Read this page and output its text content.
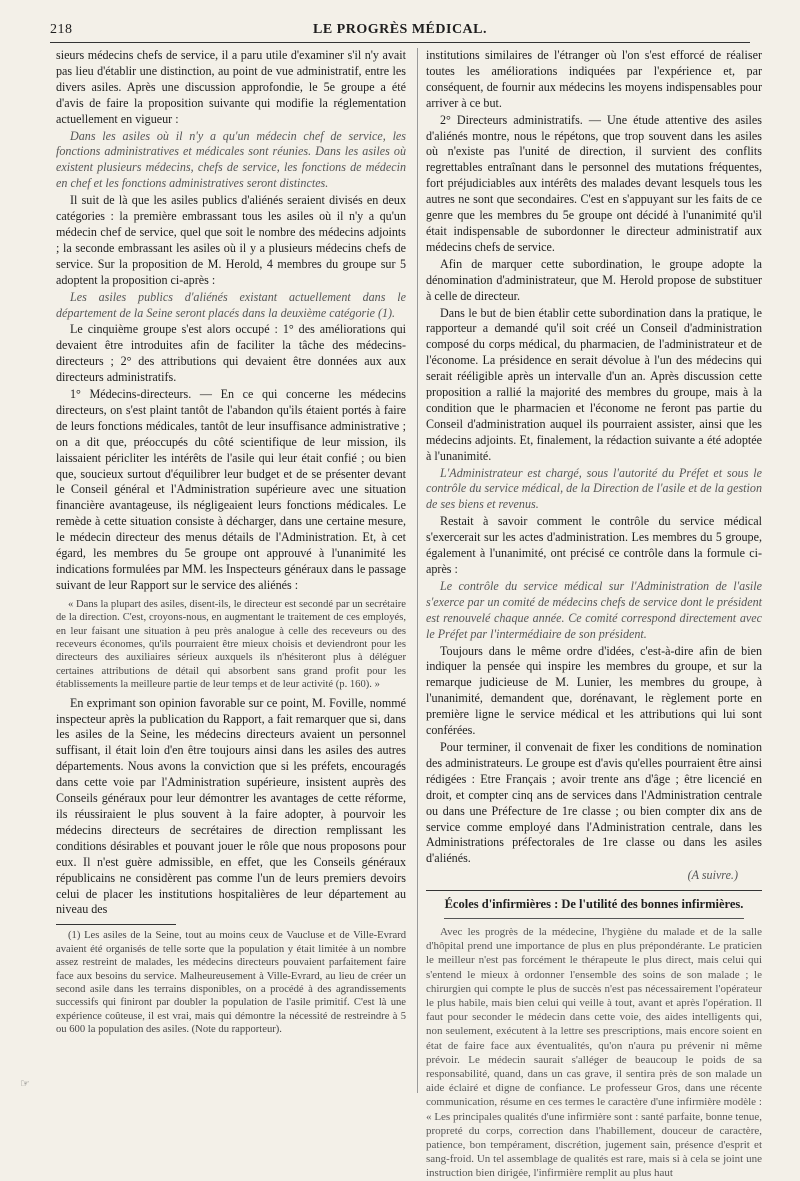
218	LE PROGRÈS MÉDICAL.

sieurs médecins chefs de service, il a paru utile d'examiner s'il n'y avait pas lieu d'établir une distinction, au point de vue administratif, entre les divers asiles. Après une discussion approfondie, le 5e groupe a été d'avis de faire la proposition suivante qui modifie la réglementation actuellement en vigueur :

Dans les asiles où il n'y a qu'un médecin chef de service, les fonctions administratives et médicales sont réunies. Dans les asiles où existent plusieurs médecins, chefs de service, les fonctions de médecin en chef et les fonctions administratives seront distinctes.

Il suit de là que les asiles publics d'aliénés seraient divisés en deux catégories : la première embrassant tous les asiles où il n'y a qu'un médecin chef de service, quel que soit le nombre des médecins adjoints ; la seconde embrassant les asiles où il y a plusieurs médecins chefs de service. Sur la proposition de M. Herold, 4 membres du groupe sur 5 adoptent la proposition ci-après :

Les asiles publics d'aliénés existant actuellement dans le département de la Seine seront placés dans la deuxième catégorie (1).

Le cinquième groupe s'est alors occupé : 1° des améliorations qui devaient être introduites afin de faciliter la tâche des médecins-directeurs ; 2° des attributions qui devaient être données aux aux directeurs administratifs.

1° Médecins-directeurs. — En ce qui concerne les médecins directeurs, on s'est plaint tantôt de l'abandon qu'ils étaient portés à faire de leurs fonctions médicales, tantôt de leur insuffisance administrative ; on a dit que, préoccupés du côté scientifique de leur mission, ils laissaient péricliter les intérêts de l'asile qui leur était confié ; ou bien que, soucieux surtout d'équilibrer leur budget et de se présenter devant le Conseil général et l'Administration supérieure avec une situation financière avantageuse, ils négligeaient leurs fonctions médicales. Le remède à cette situation consiste à décharger, dans une certaine mesure, le médecin directeur des menus détails de l'Administration. Et, à cet égard, les membres du 5e groupe ont approuvé à l'unanimité les indications formulées par MM. les Inspecteurs généraux dans le passage suivant de leur Rapport sur le service des aliénés :

« Dans la plupart des asiles, disent-ils, le directeur est secondé par un secrétaire de la direction. C'est, croyons-nous, en augmentant le traitement de ces employés, en leur faisant une situation à peu près analogue à celle des receveurs ou des receveurs économes, qu'ils pourraient être mieux choisis et deviendront pour les directeurs des auxiliaires sérieux auxquels ils n'hésiteront plus à déléguer certaines attributions de détail qui absorbent sans grand profit pour les établissements la meilleure partie de leur temps et de leur activité (p. 160). »

En exprimant son opinion favorable sur ce point, M. Foville, nommé inspecteur après la publication du Rapport, a fait remarquer que si, dans les asiles de la Seine, les médecins directeurs avaient un personnel suffisant, il était loin d'en être toujours ainsi dans les asiles des autres départements. Nous avons la conviction que si les préfets, encouragés dans cette voie par l'Administration supérieure, insistent auprès des Conseils généraux pour leur démontrer les avantages de cette réforme, ils réussiraient le plus souvent à la faire adopter, à pourvoir les médecins directeurs de secrétaires de direction remplissant les conditions désirables et pouvant jouer le rôle que nous proposons pour eux. Il n'est guère admissible, en effet, que les Conseils généraux républicains ne considèrent pas comme l'un de leurs premiers devoirs celui de placer les institutions hospitalières de leur département au niveau des

(1) Les asiles de la Seine, tout au moins ceux de Vaucluse et de Ville-Evrard avaient été organisés de telle sorte que la population y était limitée à un nombre assez restreint de malades, les médecins directeurs pouvaient parfaitement faire face aux besoins du service. Malheureusement à Ville-Evrard, au lieu de créer un second asile dans les terrains disponibles, on a procédé à des agrandissements successifs qui finiront par doubler la population de l'asile primitif. C'est là une expérience coûteuse, il est vrai, mais qui démontre la nécessité de restreindre à 5 ou 600 la population des asiles. (Note du rapporteur).

institutions similaires de l'étranger où l'on s'est efforcé de réaliser toutes les améliorations indiquées par l'expérience et, par conséquent, de fournir aux médecins les moyens indispensables pour arriver à ce but.

2° Directeurs administratifs. — Une étude attentive des asiles d'aliénés montre, nous le répétons, que trop souvent dans les asiles où n'existe pas l'unité de direction, il survient des conflits regrettables entraînant dans le personnel des mutations fréquentes, fort préjudiciables aux intérêts des malades devant lesquels tous les autres ne sont que secondaires. C'est en s'appuyant sur les faits de ce genre que les membres du 5e groupe ont décidé à l'unanimité qu'il était indispensable de subordonner le directeur administratif aux médecins chefs de service.

Afin de marquer cette subordination, le groupe adopte la dénomination d'administrateur, que M. Herold propose de substituer à celle de directeur.

Dans le but de bien établir cette subordination dans la pratique, le rapporteur a demandé qu'il soit créé un Conseil d'administration composé du corps médical, du pharmacien, de l'administrateur et de l'économe. La présidence en serait dévolue à l'un des médecins qui serait rééligible après un intervalle d'un an. Après discussion cette proposition a rallié la majorité des membres du groupe, mais à la condition que le pharmacien et l'économe ne feront pas partie du Conseil d'administration auquel ils pourraient assister, ainsi que les médecins adjoints. Et, finalement, la rédaction suivante a été adoptée à l'unanimité.

L'Administrateur est chargé, sous l'autorité du Préfet et sous le contrôle du service médical, de la Direction de l'asile et de la gestion de ses biens et revenus.

Restait à savoir comment le contrôle du service médical s'exercerait sur les actes d'administration. Les membres du 5 groupe, également à l'unanimité, ont précisé ce contrôle dans la formule ci-après :

Le contrôle du service médical sur l'Administration de l'asile s'exerce par un comité de médecins chefs de service dont le président est renouvelé chaque année. Ce comité correspond directement avec le Préfet par l'intermédiaire de son président.

Toujours dans le même ordre d'idées, c'est-à-dire afin de bien indiquer la pensée qui inspire les membres du groupe, et sur la remarque judicieuse de M. Lunier, les membres du groupe, à l'unanimité, demandent que, dorénavant, le règlement porte en première ligne le service médical et les attributions qui lui sont conférées.

Pour terminer, il convenait de fixer les conditions de nomination des administrateurs. Le groupe est d'avis qu'elles pourraient être ainsi rédigées : Etre Français ; avoir trente ans d'âge ; être licencié en droit, et compter cinq ans de services dans l'Administration centrale ou dans une Préfecture de 1re classe ; ou bien compter dix ans de service comme employé dans l'Administration centrale, dans les Administrations préfectorales de 1re classe ou dans les asiles d'aliénés.

(A suivre.)

Écoles d'infirmières : De l'utilité des bonnes infirmières.

Avec les progrès de la médecine, l'hygiène du malade et de la salle d'hôpital prend une importance de plus en plus prépondérante. Le praticien le meilleur n'est pas forcément le thérapeute le plus direct, mais celui qui s'entend le mieux à ordonner l'ensemble des soins de son malade ; le chirurgien qui compte le plus de succès n'est pas nécessairement l'opérateur le plus habile, mais bien celui qui veille à tout, avant et après l'opération. Il faut pour seconder le médecin dans cette voie, des aides intelligents qui, non seulement, exécutent à la lettre ses prescriptions, mais encore soient en état de faire face aux éventualités, qu'on n'aura pu prévenir ni même prévoir. Le médecin saurait s'alléger de beaucoup le poids de sa responsabilité, quand, dans un cas grave, il sentira près de son malade un aide éclairé et digne de confiance. Le professeur Gros, dans une récente communication, résume en ces termes le caractère d'une infirmière modèle : « Les principales qualités d'une infirmière sont : santé parfaite, bonne tenue, propreté du corps, correction dans l'habillement, douceur de caractère, patience, bon tempérament, discrétion, jugement sain, présence d'esprit et sang-froid. Un tel assemblage de qualités est rare, mais si à cela se joint une instruction bien dirigée, l'infirmière remplit au plus haut

☞
